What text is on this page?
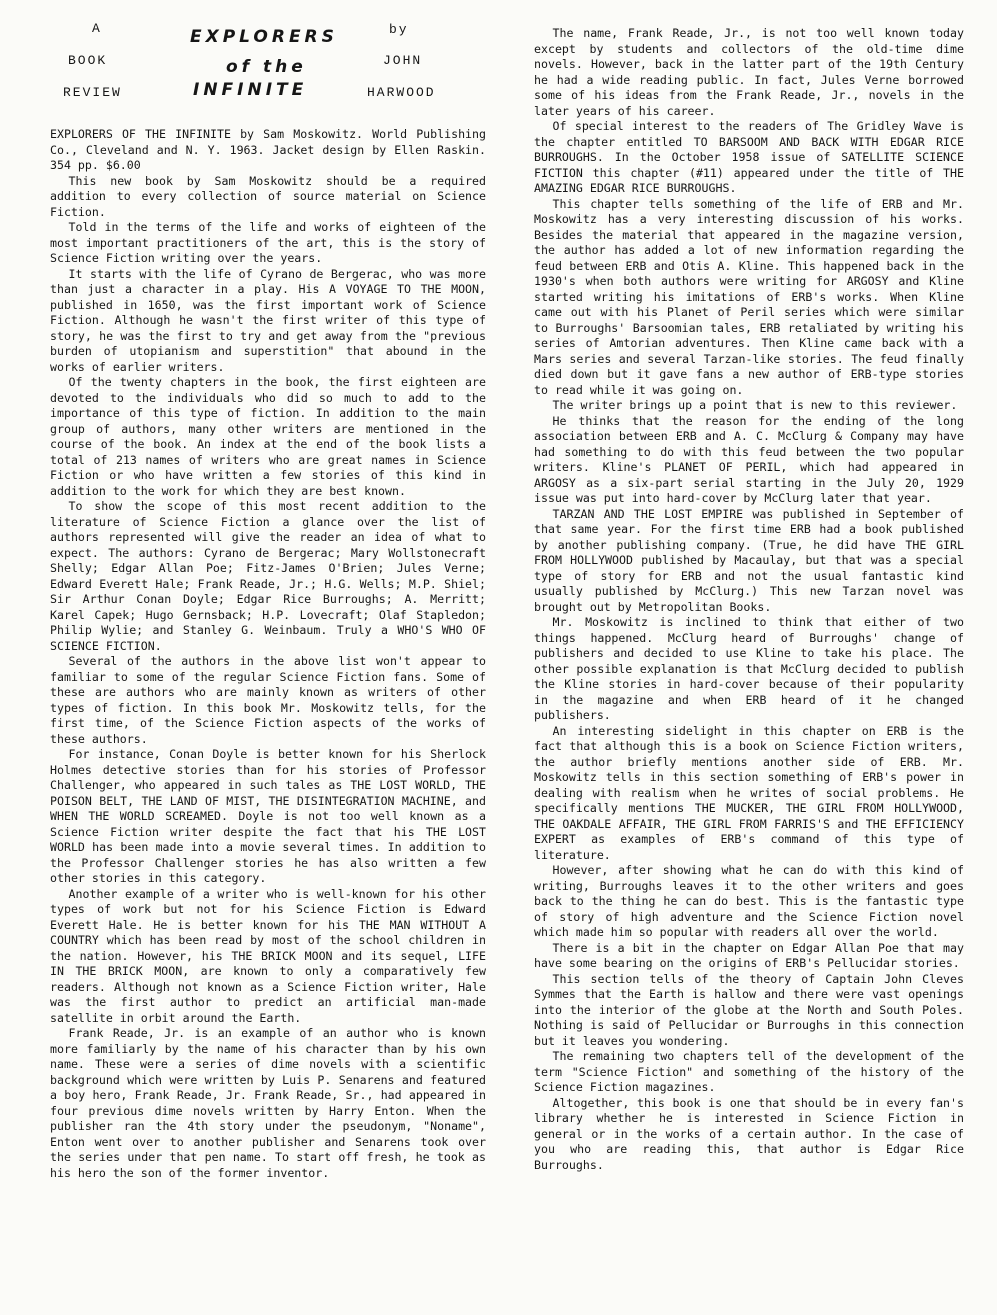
A
BOOK
REVIEW
EXPLORERS
of the
INFINITE
by
JOHN
HARWOOD

EXPLORERS OF THE INFINITE by Sam Moskowitz. World Publishing Co., Cleveland and N. Y. 1963. Jacket design by Ellen Raskin. 354 pp. $6.00

This new book by Sam Moskowitz should be a required addition to every collection of source material on Science Fiction.

Told in the terms of the life and works of eighteen of the most important practitioners of the art, this is the story of Science Fiction writing over the years.

It starts with the life of Cyrano de Bergerac, who was more than just a character in a play. His A VOYAGE TO THE MOON, published in 1650, was the first important work of Science Fiction. Although he wasn't the first writer of this type of story, he was the first to try and get away from the "previous burden of utopianism and superstition" that abound in the works of earlier writers.

Of the twenty chapters in the book, the first eighteen are devoted to the individuals who did so much to add to the importance of this type of fiction. In addition to the main group of authors, many other writers are mentioned in the course of the book. An index at the end of the book lists a total of 213 names of writers who are great names in Science Fiction or who have written a few stories of this kind in addition to the work for which they are best known.

To show the scope of this most recent addition to the literature of Science Fiction a glance over the list of authors represented will give the reader an idea of what to expect. The authors: Cyrano de Bergerac; Mary Wollstonecraft Shelly; Edgar Allan Poe; Fitz-James O'Brien; Jules Verne; Edward Everett Hale; Frank Reade, Jr.; H.G. Wells; M.P. Shiel; Sir Arthur Conan Doyle; Edgar Rice Burroughs; A. Merritt; Karel Capek; Hugo Gernsback; H.P. Lovecraft; Olaf Stapledon; Philip Wylie; and Stanley G. Weinbaum. Truly a WHO'S WHO OF SCIENCE FICTION.

Several of the authors in the above list won't appear to familiar to some of the regular Science Fiction fans. Some of these are authors who are mainly known as writers of other types of fiction. In this book Mr. Moskowitz tells, for the first time, of the Science Fiction aspects of the works of these authors.

For instance, Conan Doyle is better known for his Sherlock Holmes detective stories than for his stories of Professor Challenger, who appeared in such tales as THE LOST WORLD, THE POISON BELT, THE LAND OF MIST, THE DISINTEGRATION MACHINE, and WHEN THE WORLD SCREAMED. Doyle is not too well known as a Science Fiction writer despite the fact that his THE LOST WORLD has been made into a movie several times. In addition to the Professor Challenger stories he has also written a few other stories in this category.

Another example of a writer who is well-known for his other types of work but not for his Science Fiction is Edward Everett Hale. He is better known for his THE MAN WITHOUT A COUNTRY which has been read by most of the school children in the nation. However, his THE BRICK MOON and its sequel, LIFE IN THE BRICK MOON, are known to only a comparatively few readers. Although not known as a Science Fiction writer, Hale was the first author to predict an artificial man-made satellite in orbit around the Earth.

Frank Reade, Jr. is an example of an author who is known more familiarly by the name of his character than by his own name. These were a series of dime novels with a scientific background which were written by Luis P. Senarens and featured a boy hero, Frank Reade, Jr. Frank Reade, Sr., had appeared in four previous dime novels written by Harry Enton. When the publisher ran the 4th story under the pseudonym, "Noname", Enton went over to another publisher and Senarens took over the series under that pen name. To start off fresh, he took as his hero the son of the former inventor.

The name, Frank Reade, Jr., is not too well known today except by students and collectors of the old-time dime novels. However, back in the latter part of the 19th Century he had a wide reading public. In fact, Jules Verne borrowed some of his ideas from the Frank Reade, Jr., novels in the later years of his career.

Of special interest to the readers of The Gridley Wave is the chapter entitled TO BARSOOM AND BACK WITH EDGAR RICE BURROUGHS. In the October 1958 issue of SATELLITE SCIENCE FICTION this chapter (#11) appeared under the title of THE AMAZING EDGAR RICE BURROUGHS.

This chapter tells something of the life of ERB and Mr. Moskowitz has a very interesting discussion of his works. Besides the material that appeared in the magazine version, the author has added a lot of new information regarding the feud between ERB and Otis A. Kline. This happened back in the 1930's when both authors were writing for ARGOSY and Kline started writing his imitations of ERB's works. When Kline came out with his Planet of Peril series which were similar to Burroughs' Barsoomian tales, ERB retaliated by writing his series of Amtorian adventures. Then Kline came back with a Mars series and several Tarzan-like stories. The feud finally died down but it gave fans a new author of ERB-type stories to read while it was going on.

The writer brings up a point that is new to this reviewer.

He thinks that the reason for the ending of the long association between ERB and A. C. McClurg & Company may have had something to do with this feud between the two popular writers. Kline's PLANET OF PERIL, which had appeared in ARGOSY as a six-part serial starting in the July 20, 1929 issue was put into hard-cover by McClurg later that year.

TARZAN AND THE LOST EMPIRE was published in September of that same year. For the first time ERB had a book published by another publishing company. (True, he did have THE GIRL FROM HOLLYWOOD published by Macaulay, but that was a special type of story for ERB and not the usual fantastic kind usually published by McClurg.) This new Tarzan novel was brought out by Metropolitan Books.

Mr. Moskowitz is inclined to think that either of two things happened. McClurg heard of Burroughs' change of publishers and decided to use Kline to take his place. The other possible explanation is that McClurg decided to publish the Kline stories in hard-cover because of their popularity in the magazine and when ERB heard of it he changed publishers.

An interesting sidelight in this chapter on ERB is the fact that although this is a book on Science Fiction writers, the author briefly mentions another side of ERB. Mr. Moskowitz tells in this section something of ERB's power in dealing with realism when he writes of social problems. He specifically mentions THE MUCKER, THE GIRL FROM HOLLYWOOD, THE OAKDALE AFFAIR, THE GIRL FROM FARRIS'S and THE EFFICIENCY EXPERT as examples of ERB's command of this type of literature.

However, after showing what he can do with this kind of writing, Burroughs leaves it to the other writers and goes back to the thing he can do best. This is the fantastic type of story of high adventure and the Science Fiction novel which made him so popular with readers all over the world.

There is a bit in the chapter on Edgar Allan Poe that may have some bearing on the origins of ERB's Pellucidar stories.

This section tells of the theory of Captain John Cleves Symmes that the Earth is hallow and there were vast openings into the interior of the globe at the North and South Poles. Nothing is said of Pellucidar or Burroughs in this connection but it leaves you wondering.

The remaining two chapters tell of the development of the term "Science Fiction" and something of the history of the Science Fiction magazines.

Altogether, this book is one that should be in every fan's library whether he is interested in Science Fiction in general or in the works of a certain author. In the case of you who are reading this, that author is Edgar Rice Burroughs.
